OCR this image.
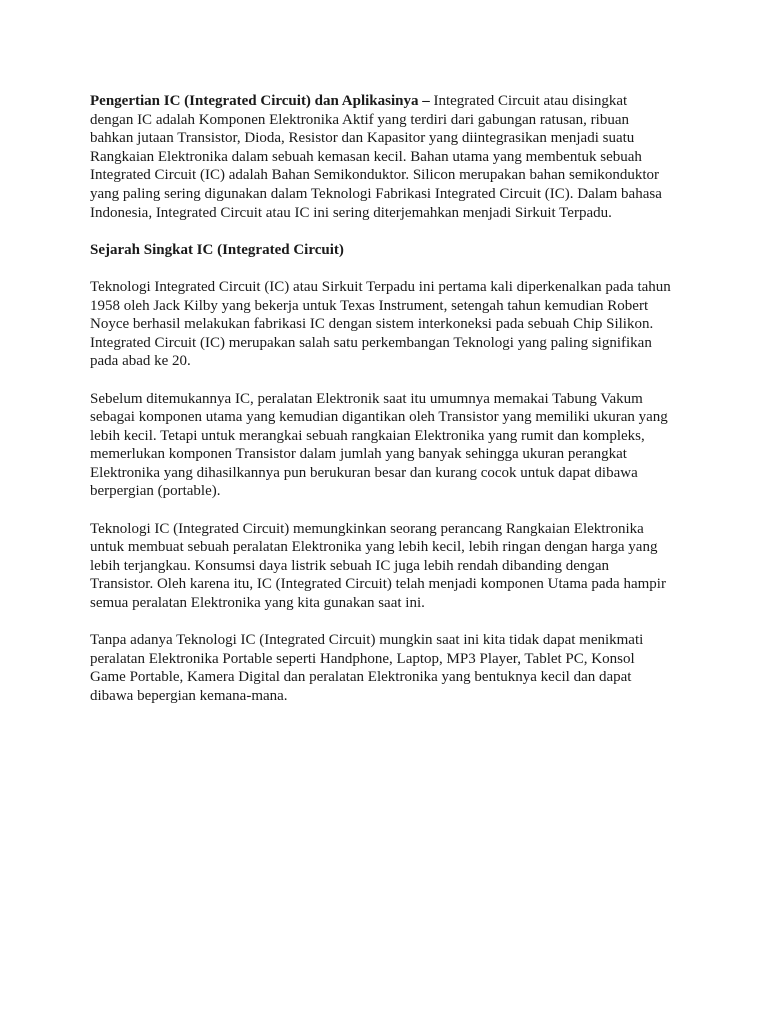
Pengertian IC (Integrated Circuit) dan Aplikasinya – Integrated Circuit atau disingkat
dengan IC adalah Komponen Elektronika Aktif yang terdiri dari gabungan ratusan, ribuan
bahkan jutaan Transistor, Dioda, Resistor dan Kapasitor yang diintegrasikan menjadi suatu
Rangkaian Elektronika dalam sebuah kemasan kecil. Bahan utama yang membentuk sebuah
Integrated Circuit (IC) adalah Bahan Semikonduktor. Silicon merupakan bahan semikonduktor
yang paling sering digunakan dalam Teknologi Fabrikasi Integrated Circuit (IC). Dalam bahasa
Indonesia, Integrated Circuit atau IC ini sering diterjemahkan menjadi Sirkuit Terpadu.

Sejarah Singkat IC (Integrated Circuit)

Teknologi Integrated Circuit (IC) atau Sirkuit Terpadu ini pertama kali diperkenalkan pada tahun
1958 oleh Jack Kilby yang bekerja untuk Texas Instrument, setengah tahun kemudian Robert
Noyce berhasil melakukan fabrikasi IC dengan sistem interkoneksi pada sebuah Chip Silikon.
Integrated Circuit (IC) merupakan salah satu perkembangan Teknologi yang paling signifikan
pada abad ke 20.

Sebelum ditemukannya IC, peralatan Elektronik saat itu umumnya memakai Tabung Vakum
sebagai komponen utama yang kemudian digantikan oleh Transistor yang memiliki ukuran yang
lebih kecil. Tetapi untuk merangkai sebuah rangkaian Elektronika yang rumit dan kompleks,
memerlukan komponen Transistor dalam jumlah yang banyak sehingga ukuran perangkat
Elektronika yang dihasilkannya pun berukuran besar dan kurang cocok untuk dapat dibawa
berpergian (portable).

Teknologi IC (Integrated Circuit) memungkinkan seorang perancang Rangkaian Elektronika
untuk membuat sebuah peralatan Elektronika yang lebih kecil, lebih ringan dengan harga yang
lebih terjangkau. Konsumsi daya listrik sebuah IC juga lebih rendah dibanding dengan
Transistor. Oleh karena itu, IC (Integrated Circuit) telah menjadi komponen Utama pada hampir
semua peralatan Elektronika yang kita gunakan saat ini.

Tanpa adanya Teknologi IC (Integrated Circuit) mungkin saat ini kita tidak dapat menikmati
peralatan Elektronika Portable seperti Handphone, Laptop, MP3 Player, Tablet PC, Konsol
Game Portable, Kamera Digital dan peralatan Elektronika yang bentuknya kecil dan dapat
dibawa bepergian kemana-mana.
